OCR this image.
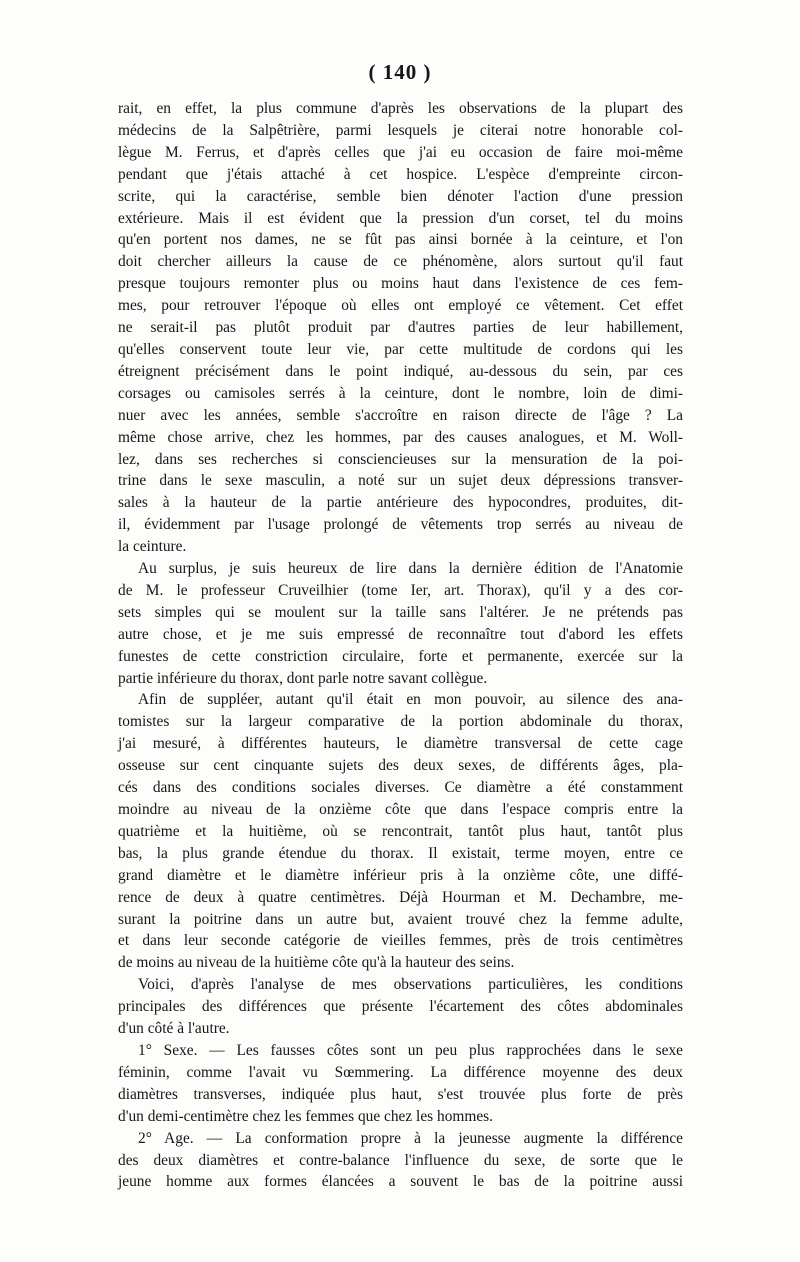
( 140 )

rait, en effet, la plus commune d'après les observations de la plupart des
médecins de la Salpêtrière, parmi lesquels je citerai notre honorable col-
lègue M. Ferrus, et d'après celles que j'ai eu occasion de faire moi-même
pendant que j'étais attaché à cet hospice. L'espèce d'empreinte circon-
scrite, qui la caractérise, semble bien dénoter l'action d'une pression
extérieure. Mais il est évident que la pression d'un corset, tel du moins
qu'en portent nos dames, ne se fût pas ainsi bornée à la ceinture, et l'on
doit chercher ailleurs la cause de ce phénomène, alors surtout qu'il faut
presque toujours remonter plus ou moins haut dans l'existence de ces fem-
mes, pour retrouver l'époque où elles ont employé ce vêtement. Cet effet
ne serait-il pas plutôt produit par d'autres parties de leur habillement,
qu'elles conservent toute leur vie, par cette multitude de cordons qui les
étreignent précisément dans le point indiqué, au-dessous du sein, par ces
corsages ou camisoles serrés à la ceinture, dont le nombre, loin de dimi-
nuer avec les années, semble s'accroître en raison directe de l'âge ? La
même chose arrive, chez les hommes, par des causes analogues, et M. Woll-
lez, dans ses recherches si consciencieuses sur la mensuration de la poi-
trine dans le sexe masculin, a noté sur un sujet deux dépressions transver-
sales à la hauteur de la partie antérieure des hypocondres, produites, dit-
il, évidemment par l'usage prolongé de vêtements trop serrés au niveau de
la ceinture.

Au surplus, je suis heureux de lire dans la dernière édition de l'Anatomie
de M. le professeur Cruveilhier (tome Ier, art. Thorax), qu'il y a des cor-
sets simples qui se moulent sur la taille sans l'altérer. Je ne prétends pas
autre chose, et je me suis empressé de reconnaître tout d'abord les effets
funestes de cette constriction circulaire, forte et permanente, exercée sur la
partie inférieure du thorax, dont parle notre savant collègue.

Afin de suppléer, autant qu'il était en mon pouvoir, au silence des ana-
tomistes sur la largeur comparative de la portion abdominale du thorax,
j'ai mesuré, à différentes hauteurs, le diamètre transversal de cette cage
osseuse sur cent cinquante sujets des deux sexes, de différents âges, pla-
cés dans des conditions sociales diverses. Ce diamètre a été constamment
moindre au niveau de la onzième côte que dans l'espace compris entre la
quatrième et la huitième, où se rencontrait, tantôt plus haut, tantôt plus
bas, la plus grande étendue du thorax. Il existait, terme moyen, entre ce
grand diamètre et le diamètre inférieur pris à la onzième côte, une diffé-
rence de deux à quatre centimètres. Déjà Hourman et M. Dechambre, me-
surant la poitrine dans un autre but, avaient trouvé chez la femme adulte,
et dans leur seconde catégorie de vieilles femmes, près de trois centimètres
de moins au niveau de la huitième côte qu'à la hauteur des seins.

Voici, d'après l'analyse de mes observations particulières, les conditions
principales des différences que présente l'écartement des côtes abdominales
d'un côté à l'autre.

1° Sexe. — Les fausses côtes sont un peu plus rapprochées dans le sexe
féminin, comme l'avait vu Sœmmering. La différence moyenne des deux
diamètres transverses, indiquée plus haut, s'est trouvée plus forte de près
d'un demi-centimètre chez les femmes que chez les hommes.

2° Age. — La conformation propre à la jeunesse augmente la différence
des deux diamètres et contre-balance l'influence du sexe, de sorte que le
jeune homme aux formes élancées a souvent le bas de la poitrine aussi
